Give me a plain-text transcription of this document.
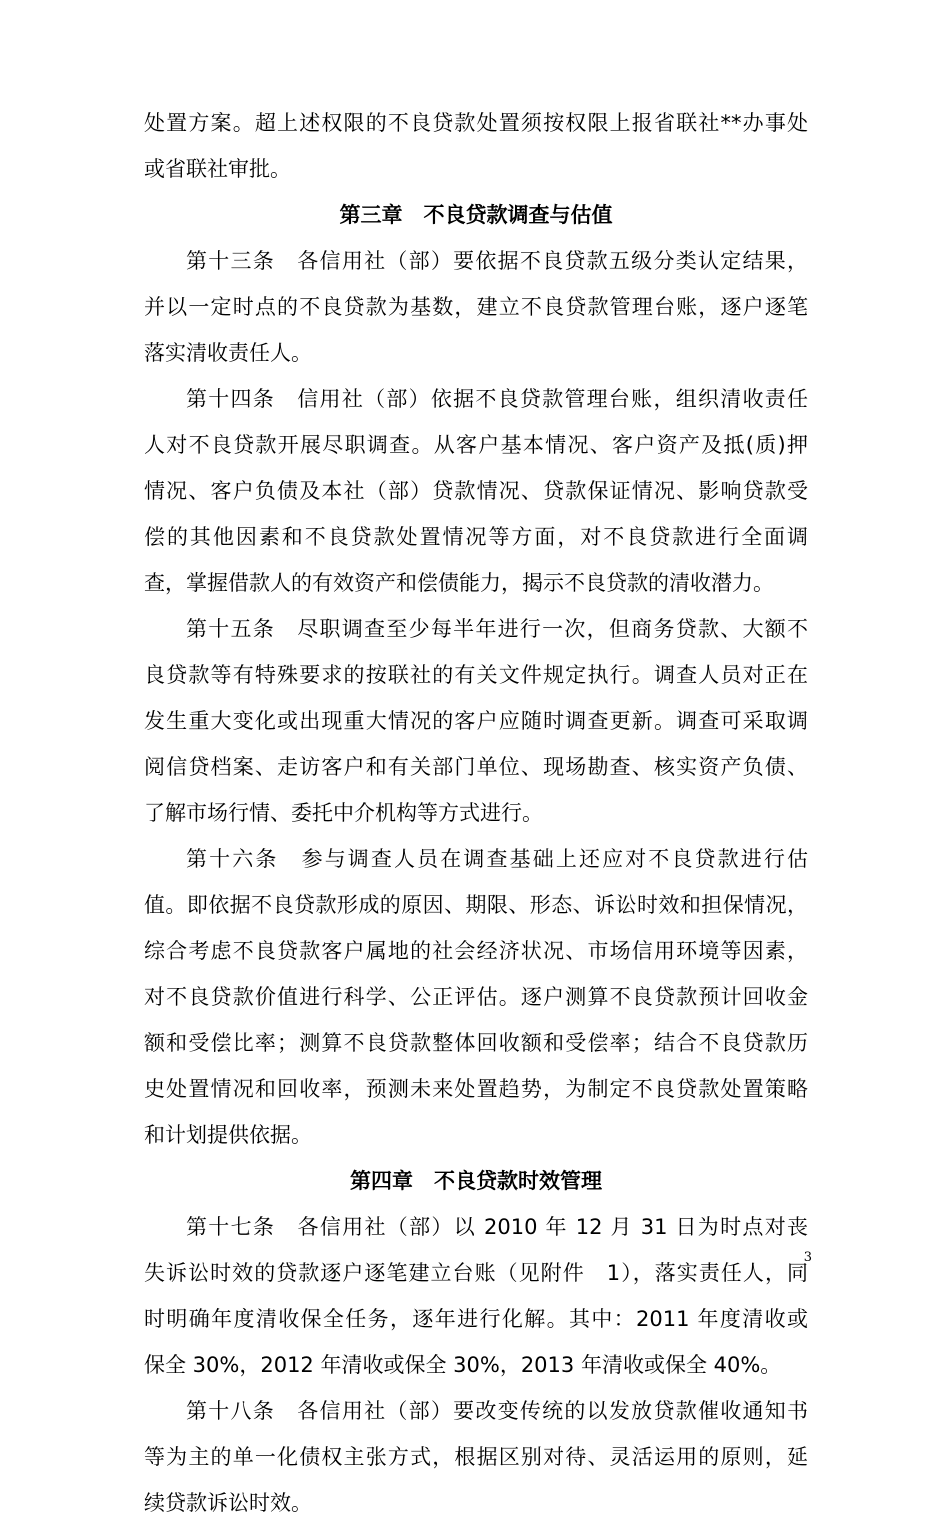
处置方案。超上述权限的不良贷款处置须按权限上报省联社**办事处
或省联社审批。
第三章　不良贷款调查与估值
第十三条　各信用社（部）要依据不良贷款五级分类认定结果，
并以一定时点的不良贷款为基数，建立不良贷款管理台账，逐户逐笔
落实清收责任人。
第十四条　信用社（部）依据不良贷款管理台账，组织清收责任
人对不良贷款开展尽职调查。从客户基本情况、客户资产及抵(质)押
情况、客户负债及本社（部）贷款情况、贷款保证情况、影响贷款受
偿的其他因素和不良贷款处置情况等方面，对不良贷款进行全面调
查，掌握借款人的有效资产和偿债能力，揭示不良贷款的清收潜力。
第十五条　尽职调查至少每半年进行一次，但商务贷款、大额不
良贷款等有特殊要求的按联社的有关文件规定执行。调查人员对正在
发生重大变化或出现重大情况的客户应随时调查更新。调查可采取调
阅信贷档案、走访客户和有关部门单位、现场勘查、核实资产负债、
了解市场行情、委托中介机构等方式进行。
第十六条　参与调查人员在调查基础上还应对不良贷款进行估
值。即依据不良贷款形成的原因、期限、形态、诉讼时效和担保情况，
综合考虑不良贷款客户属地的社会经济状况、市场信用环境等因素，
对不良贷款价值进行科学、公正评估。逐户测算不良贷款预计回收金
额和受偿比率；测算不良贷款整体回收额和受偿率；结合不良贷款历
史处置情况和回收率，预测未来处置趋势，为制定不良贷款处置策略
和计划提供依据。
第四章　不良贷款时效管理
第十七条　各信用社（部）以 2010 年 12 月 31 日为时点对丧
失诉讼时效的贷款逐户逐笔建立台账（见附件　1），落实责任人，同
时明确年度清收保全任务，逐年进行化解。其中：2011 年度清收或
保全 30%，2012 年清收或保全 30%，2013 年清收或保全 40%。
第十八条　各信用社（部）要改变传统的以发放贷款催收通知书
等为主的单一化债权主张方式，根据区别对待、灵活运用的原则，延
续贷款诉讼时效。
3
